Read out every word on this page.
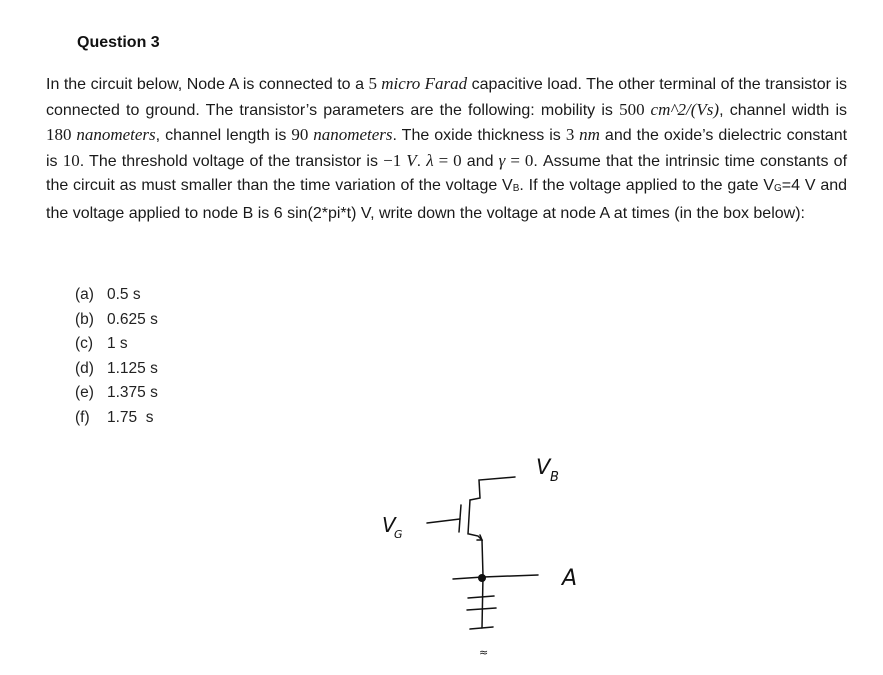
Question 3
In the circuit below, Node A is connected to a 5 micro Farad capacitive load. The other terminal of the transistor is connected to ground. The transistor’s parameters are the following: mobility is 500 cm^2/(Vs), channel width is 180 nanometers, channel length is 90 nanometers. The oxide thickness is 3 nm and the oxide’s dielectric constant is 10. The threshold voltage of the transistor is −1 V. λ = 0 and γ = 0. Assume that the intrinsic time constants of the circuit as must smaller than the time variation of the voltage $V_B$. If the voltage applied to the gate $V_G=4$ V and the voltage applied to node B is 6 sin(2*pi*t) V, write down the voltage at node A at times (in the box below):
(a) 0.5 s
(b) 0.625 s
(c) 1 s
(d) 1.125 s
(e) 1.375 s
(f) 1.75  s
V
G
V B
A
≈
